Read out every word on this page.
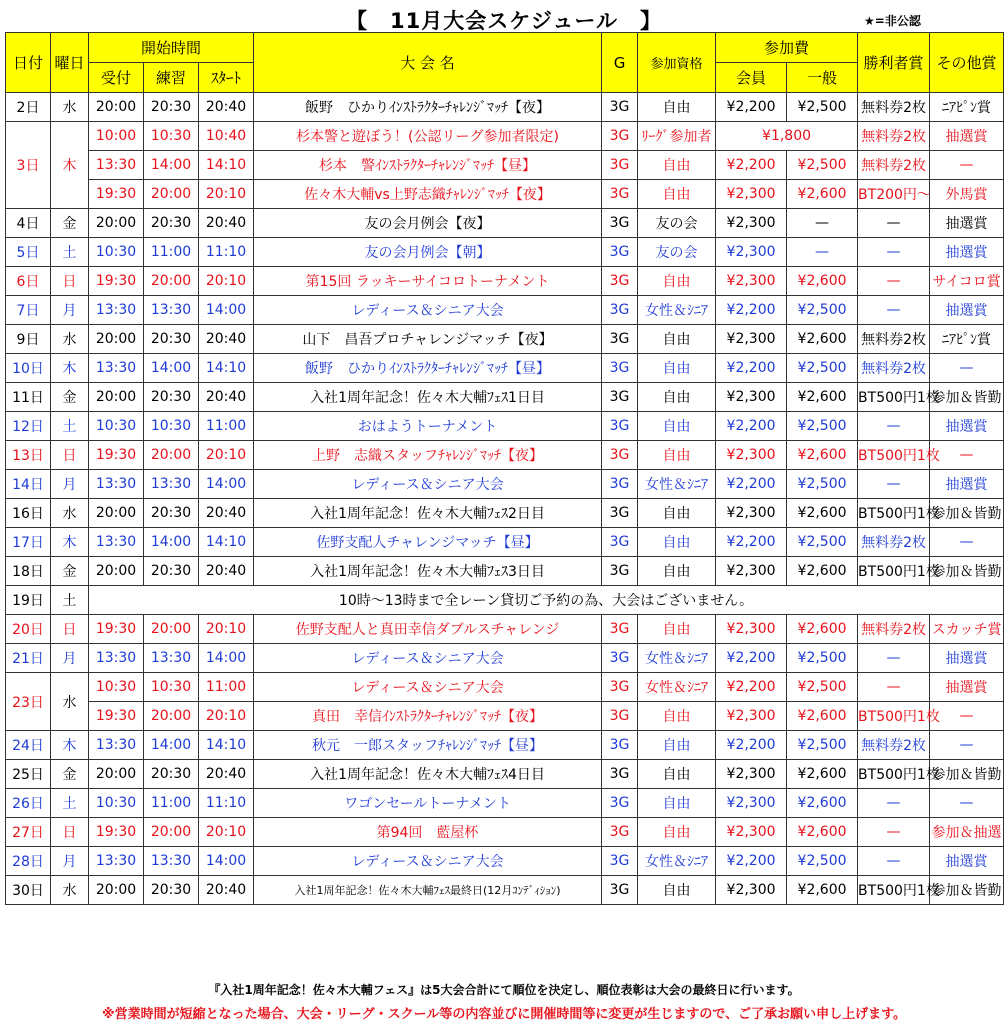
【　11月大会スケジュール　】	★=非公認
日付	曜日	開始時間			大 会 名	G	参加資格	参加費		勝利者賞	その他賞
		受付	練習	ｽﾀｰﾄ				会員	一般		
2日	水	20:00	20:30	20:40	飯野　ひかりｲﾝｽﾄﾗｸﾀｰﾁｬﾚﾝｼﾞﾏｯﾁ【夜】	3G	自由	¥2,200	¥2,500	無料券2枚	ﾆｱﾋﾟﾝ賞
3日	木	10:00	10:30	10:40	杉本警と遊ぼう！(公認リーグ参加者限定)	3G	ﾘｰｸﾞ参加者	¥1,800		無料券2枚	抽選賞
		13:30	14:00	14:10	杉本　警ｲﾝｽﾄﾗｸﾀｰﾁｬﾚﾝｼﾞﾏｯﾁ【昼】	3G	自由	¥2,200	¥2,500	無料券2枚	—
		19:30	20:00	20:10	佐々木大輔vs上野志織ﾁｬﾚﾝｼﾞﾏｯﾁ【夜】	3G	自由	¥2,300	¥2,600	BT200円～	外馬賞
4日	金	20:00	20:30	20:40	友の会月例会【夜】	3G	友の会	¥2,300	—	—	抽選賞
5日	土	10:30	11:00	11:10	友の会月例会【朝】	3G	友の会	¥2,300	—	—	抽選賞
6日	日	19:30	20:00	20:10	第15回 ラッキーサイコロトーナメント	3G	自由	¥2,300	¥2,600	—	サイコロ賞
7日	月	13:30	13:30	14:00	レディース＆シニア大会	3G	女性＆ｼﾆｱ	¥2,200	¥2,500	—	抽選賞
9日	水	20:00	20:30	20:40	山下　昌吾プロチャレンジマッチ【夜】	3G	自由	¥2,300	¥2,600	無料券2枚	ﾆｱﾋﾟﾝ賞
10日	木	13:30	14:00	14:10	飯野　ひかりｲﾝｽﾄﾗｸﾀｰﾁｬﾚﾝｼﾞﾏｯﾁ【昼】	3G	自由	¥2,200	¥2,500	無料券2枚	—
11日	金	20:00	20:30	20:40	入社1周年記念！佐々木大輔ﾌｪｽ1日目	3G	自由	¥2,300	¥2,600	BT500円1枚	参加＆皆勤
12日	土	10:30	10:30	11:00	おはようトーナメント	3G	自由	¥2,200	¥2,500	—	抽選賞
13日	日	19:30	20:00	20:10	上野　志織スタッフﾁｬﾚﾝｼﾞﾏｯﾁ【夜】	3G	自由	¥2,300	¥2,600	BT500円1枚	—
14日	月	13:30	13:30	14:00	レディース＆シニア大会	3G	女性＆ｼﾆｱ	¥2,200	¥2,500	—	抽選賞
16日	水	20:00	20:30	20:40	入社1周年記念！佐々木大輔ﾌｪｽ2日目	3G	自由	¥2,300	¥2,600	BT500円1枚	参加＆皆勤
17日	木	13:30	14:00	14:10	佐野支配人チャレンジマッチ【昼】	3G	自由	¥2,200	¥2,500	無料券2枚	—
18日	金	20:00	20:30	20:40	入社1周年記念！佐々木大輔ﾌｪｽ3日目	3G	自由	¥2,300	¥2,600	BT500円1枚	参加＆皆勤
19日	土	10時～13時まで全レーン貸切ご予約の為、大会はございません。									
20日	日	19:30	20:00	20:10	佐野支配人と真田幸信ダブルスチャレンジ	3G	自由	¥2,300	¥2,600	無料券2枚	スカッチ賞
21日	月	13:30	13:30	14:00	レディース＆シニア大会	3G	女性＆ｼﾆｱ	¥2,200	¥2,500	—	抽選賞
23日	水	10:30	10:30	11:00	レディース＆シニア大会	3G	女性＆ｼﾆｱ	¥2,200	¥2,500	—	抽選賞
		19:30	20:00	20:10	真田　幸信ｲﾝｽﾄﾗｸﾀｰﾁｬﾚﾝｼﾞﾏｯﾁ【夜】	3G	自由	¥2,300	¥2,600	BT500円1枚	—
24日	木	13:30	14:00	14:10	秋元　一郎スタッフﾁｬﾚﾝｼﾞﾏｯﾁ【昼】	3G	自由	¥2,200	¥2,500	無料券2枚	—
25日	金	20:00	20:30	20:40	入社1周年記念！佐々木大輔ﾌｪｽ4日目	3G	自由	¥2,300	¥2,600	BT500円1枚	参加＆皆勤
26日	土	10:30	11:00	11:10	ワゴンセールトーナメント	3G	自由	¥2,300	¥2,600	—	—
27日	日	19:30	20:00	20:10	第94回　藍屋杯	3G	自由	¥2,300	¥2,600	—	参加＆抽選
28日	月	13:30	13:30	14:00	レディース＆シニア大会	3G	女性＆ｼﾆｱ	¥2,200	¥2,500	—	抽選賞
30日	水	20:00	20:30	20:40	入社1周年記念！佐々木大輔ﾌｪｽ最終日(12月ｺﾝﾃﾞｨｼｮﾝ)	3G	自由	¥2,300	¥2,600	BT500円1枚	参加＆皆勤
『入社1周年記念！佐々木大輔フェス』は5大会合計にて順位を決定し、順位表彰は大会の最終日に行います。
※営業時間が短縮となった場合、大会・リーグ・スクール等の内容並びに開催時間等に変更が生じますので、ご了承お願い申し上げます。
